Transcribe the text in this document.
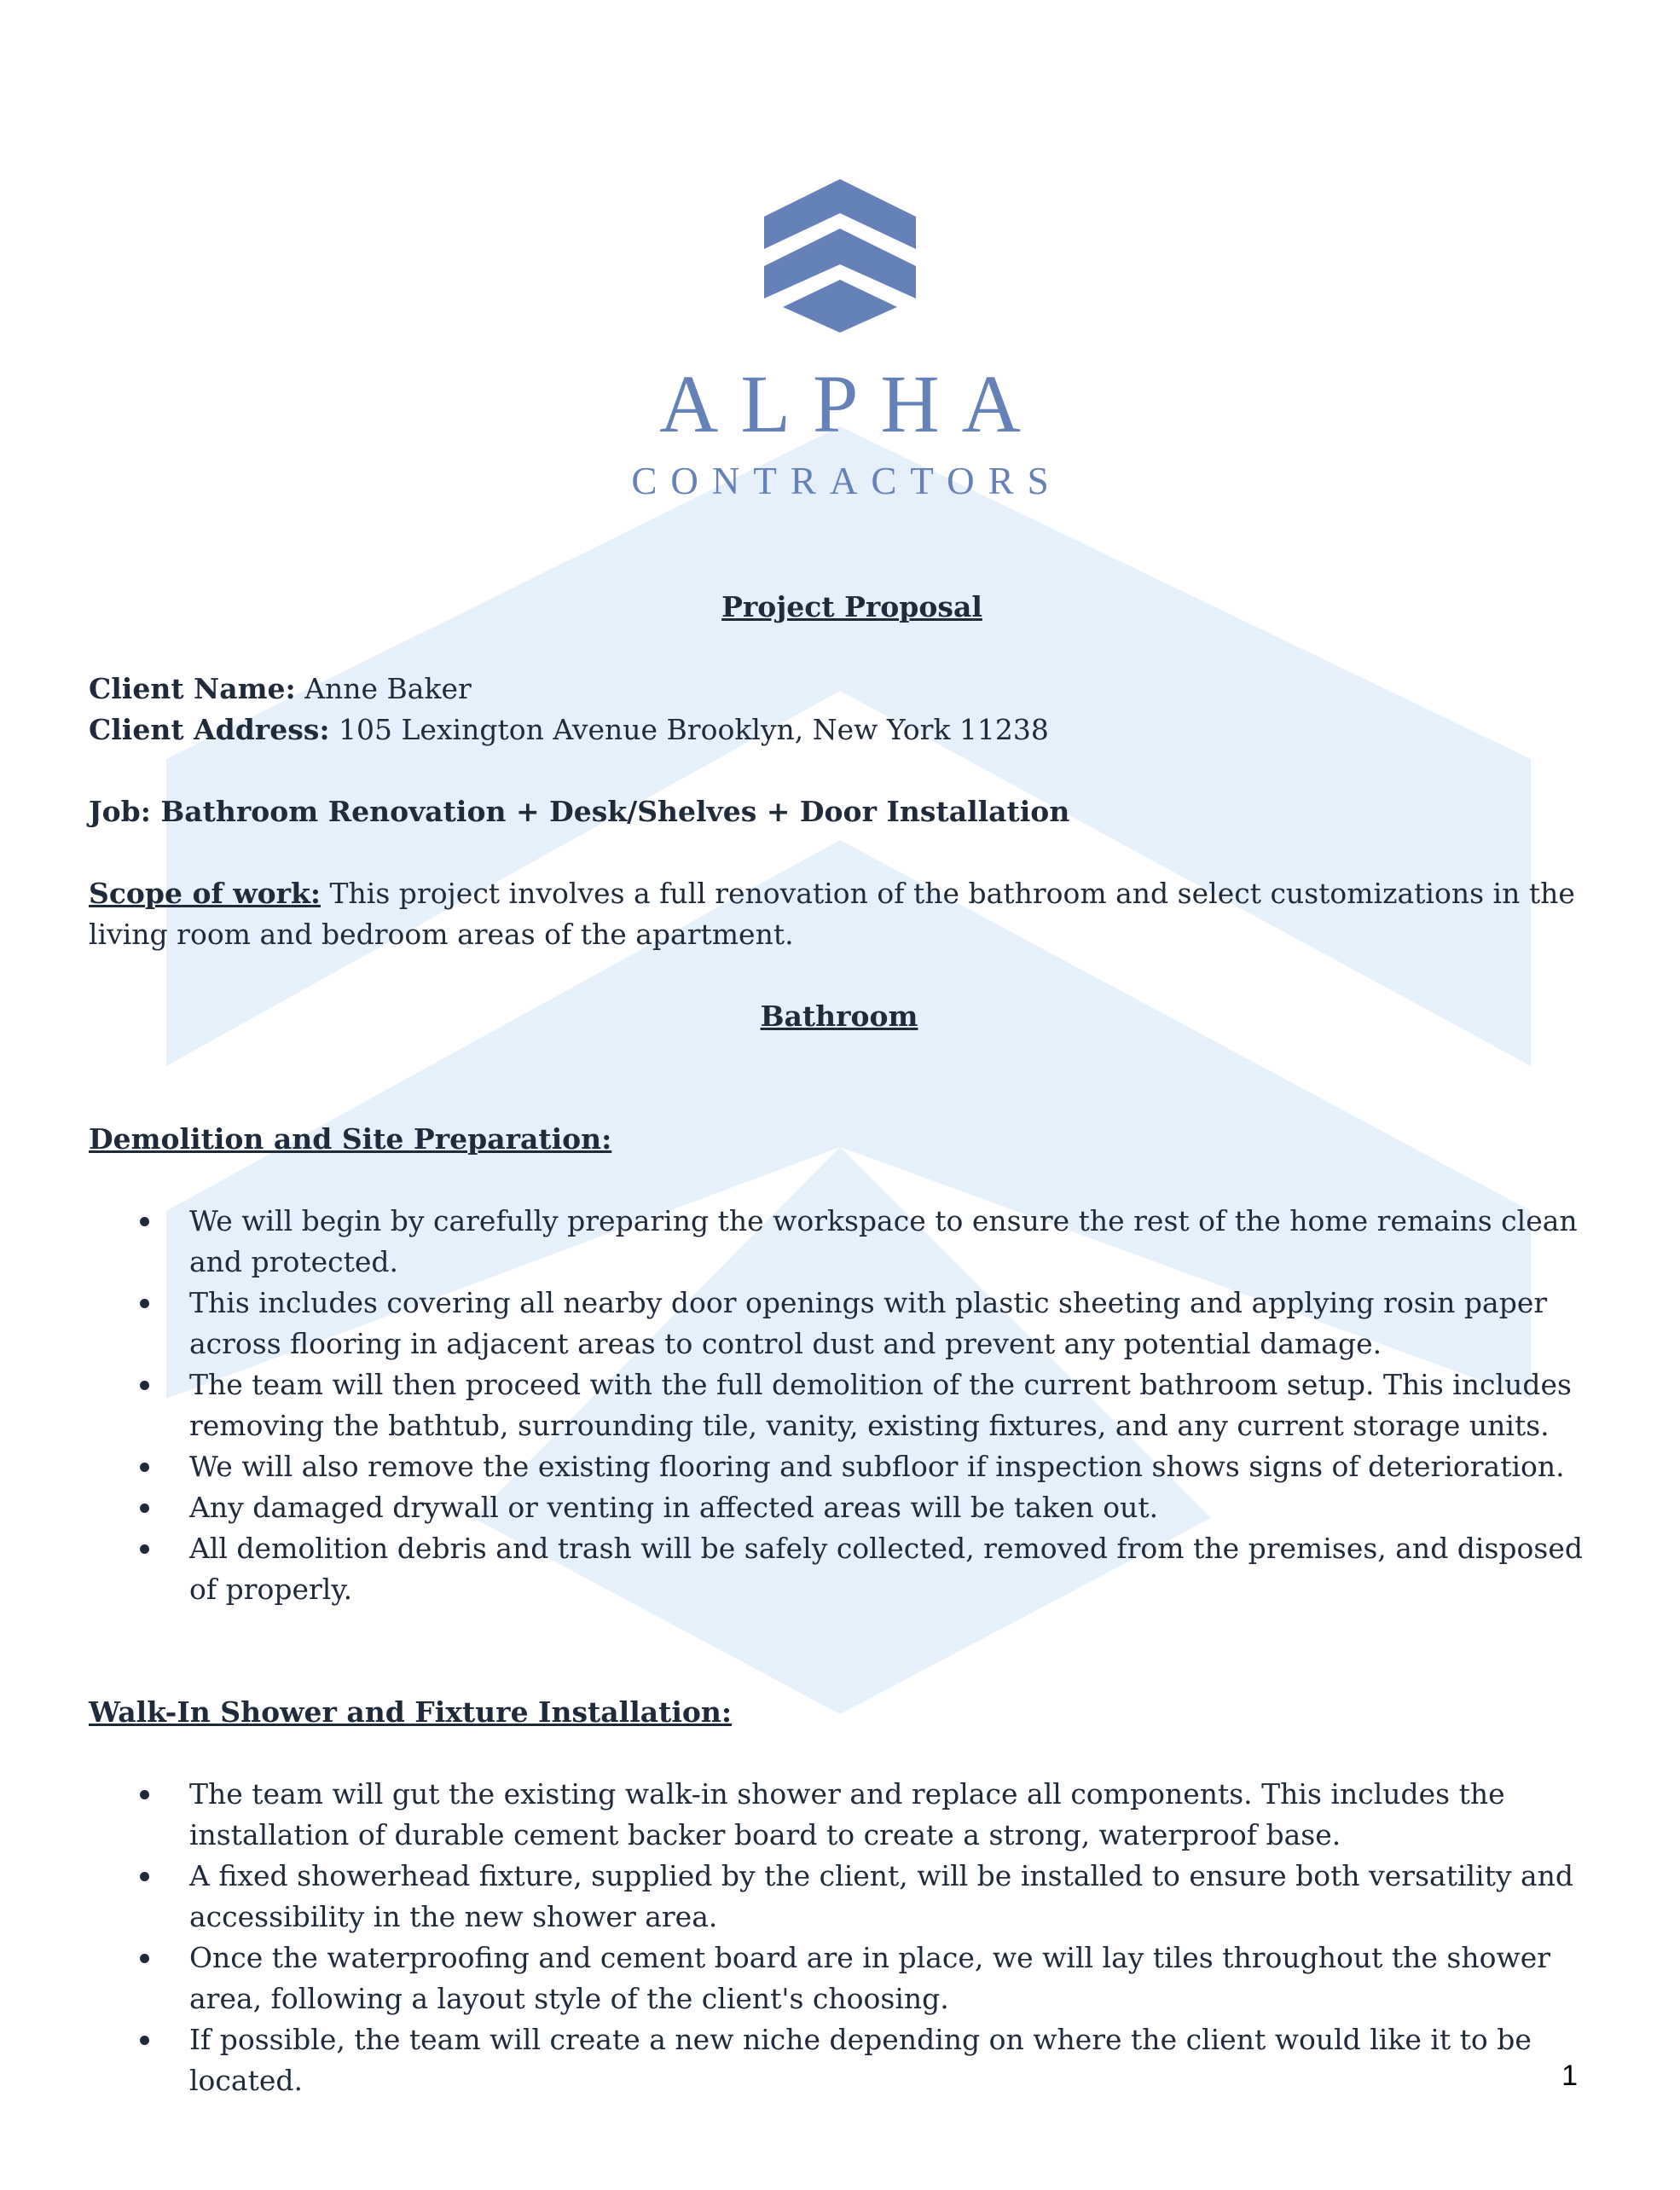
ALPHA
CONTRACTORS
Project Proposal
Client Name: Anne Baker
Client Address: 105 Lexington Avenue Brooklyn, New York 11238
Job: Bathroom Renovation + Desk/Shelves + Door Installation
Scope of work: This project involves a full renovation of the bathroom and select customizations in the living room and bedroom areas of the apartment.
Bathroom
Demolition and Site Preparation:
We will begin by carefully preparing the workspace to ensure the rest of the home remains clean and protected.
This includes covering all nearby door openings with plastic sheeting and applying rosin paper across flooring in adjacent areas to control dust and prevent any potential damage.
The team will then proceed with the full demolition of the current bathroom setup. This includes removing the bathtub, surrounding tile, vanity, existing fixtures, and any current storage units.
We will also remove the existing flooring and subfloor if inspection shows signs of deterioration.
Any damaged drywall or venting in affected areas will be taken out.
All demolition debris and trash will be safely collected, removed from the premises, and disposed of properly.
Walk-In Shower and Fixture Installation:
The team will gut the existing walk-in shower and replace all components. This includes the installation of durable cement backer board to create a strong, waterproof base.
A fixed showerhead fixture, supplied by the client, will be installed to ensure both versatility and accessibility in the new shower area.
Once the waterproofing and cement board are in place, we will lay tiles throughout the shower area, following a layout style of the client's choosing.
If possible, the team will create a new niche depending on where the client would like it to be located.	1
